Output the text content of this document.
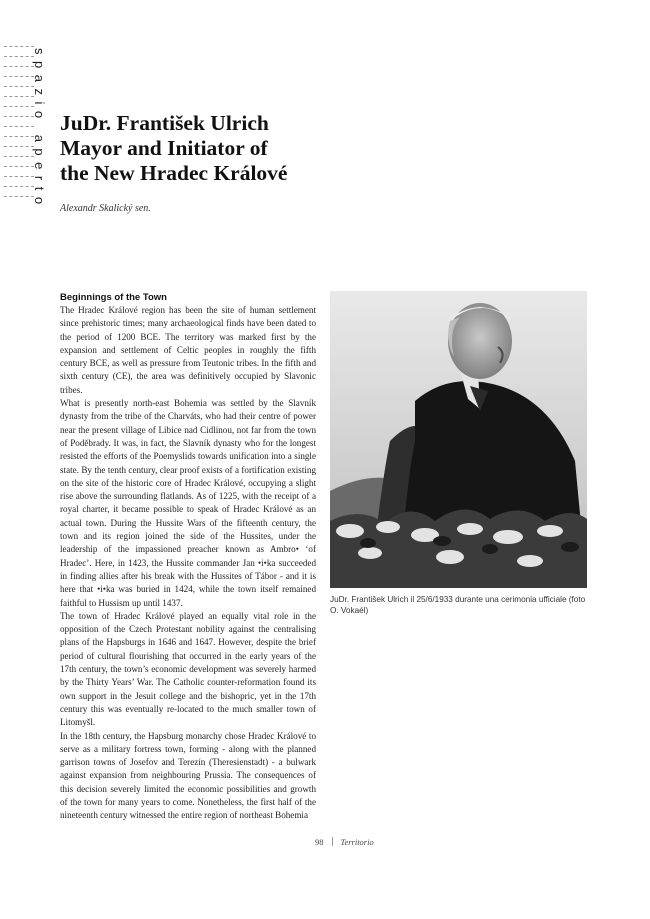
spazio aperto JuDr. František Ulrich
Mayor and Initiator of
the New Hradec Králové
Alexandr Skalický sen.
Beginnings of the Town

The Hradec Králové region has been the site of human settlement since prehistoric times; many archaeological finds have been dated to the period of 1200 BCE. The territory was marked first by the expansion and settlement of Celtic peoples in roughly the fifth century BCE, as well as pressure from Teutonic tribes. In the fifth and sixth century (CE), the area was definitively occupied by Slavonic tribes.

What is presently north-east Bohemia was settled by the Slavník dynasty from the tribe of the Charváts, who had their centre of power near the present village of Libice nad Cidlinou, not far from the town of Podĕbrady. It was, in fact, the Slavník dynasty who for the longest resisted the efforts of the Poemyslids towards unification into a single state. By the tenth century, clear proof exists of a fortification existing on the site of the historic core of Hradec Králové, occupying a slight rise above the surrounding flatlands. As of 1225, with the receipt of a royal charter, it became possible to speak of Hradec Králové as an actual town. During the Hussite Wars of the fifteenth century, the town and its region joined the side of the Hussites, under the leadership of the impassioned preacher known as Ambro• ‘of Hradec’. Here, in 1423, the Hussite commander Jan •i•ka succeeded in finding allies after his break with the Hussites of Tábor - and it is here that •i•ka was buried in 1424, while the town itself remained faithful to Hussism up until 1437.

The town of Hradec Králové played an equally vital role in the opposition of the Czech Protestant nobility against the centralising plans of the Hapsburgs in 1646 and 1647. However, despite the brief period of cultural flourishing that occurred in the early years of the 17th century, the town’s economic development was severely harmed by the Thirty Years’ War. The Catholic counter-reformation found its own support in the Jesuit college and the bishopric, yet in the 17th century this was eventually re-located to the much smaller town of Litomyšl.

In the 18th century, the Hapsburg monarchy chose Hradec Králové to serve as a military fortress town, forming - along with the planned garrison towns of Josefov and Terezín (Theresienstadt) - a bulwark against expansion from neighbouring Prussia. The consequences of this decision severely limited the economic possibilities and growth of the town for many years to come. Nonetheless, the first half of the nineteenth century witnessed the entire region of northeast Bohemia

JuDr. František Ulrich il 25/6/1933 durante una cerimonia ufficiale (foto O. Vokaél)
98 Territorio
